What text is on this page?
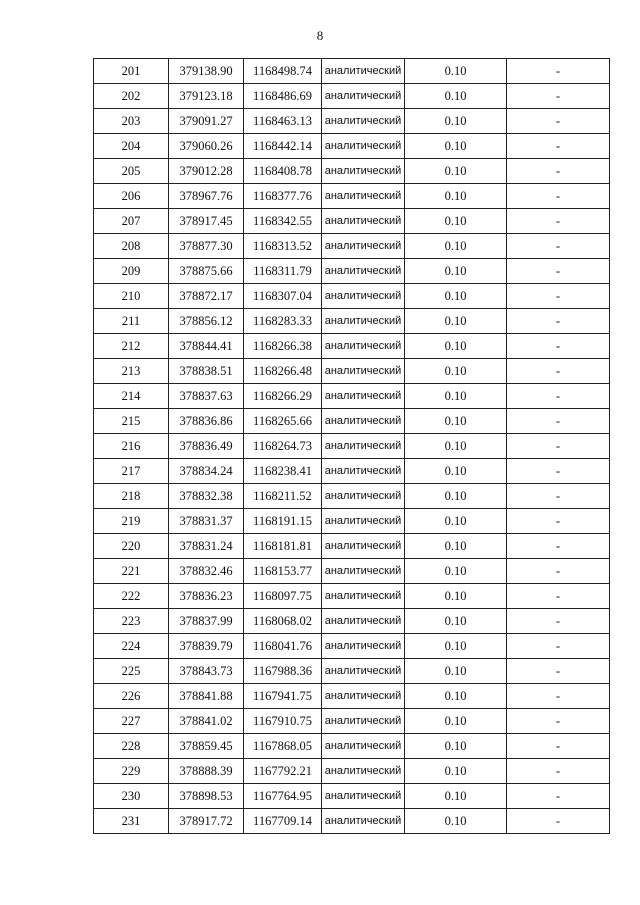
8
201	379138.90	1168498.74	аналитический	0.10	-
202	379123.18	1168486.69	аналитический	0.10	-
203	379091.27	1168463.13	аналитический	0.10	-
204	379060.26	1168442.14	аналитический	0.10	-
205	379012.28	1168408.78	аналитический	0.10	-
206	378967.76	1168377.76	аналитический	0.10	-
207	378917.45	1168342.55	аналитический	0.10	-
208	378877.30	1168313.52	аналитический	0.10	-
209	378875.66	1168311.79	аналитический	0.10	-
210	378872.17	1168307.04	аналитический	0.10	-
211	378856.12	1168283.33	аналитический	0.10	-
212	378844.41	1168266.38	аналитический	0.10	-
213	378838.51	1168266.48	аналитический	0.10	-
214	378837.63	1168266.29	аналитический	0.10	-
215	378836.86	1168265.66	аналитический	0.10	-
216	378836.49	1168264.73	аналитический	0.10	-
217	378834.24	1168238.41	аналитический	0.10	-
218	378832.38	1168211.52	аналитический	0.10	-
219	378831.37	1168191.15	аналитический	0.10	-
220	378831.24	1168181.81	аналитический	0.10	-
221	378832.46	1168153.77	аналитический	0.10	-
222	378836.23	1168097.75	аналитический	0.10	-
223	378837.99	1168068.02	аналитический	0.10	-
224	378839.79	1168041.76	аналитический	0.10	-
225	378843.73	1167988.36	аналитический	0.10	-
226	378841.88	1167941.75	аналитический	0.10	-
227	378841.02	1167910.75	аналитический	0.10	-
228	378859.45	1167868.05	аналитический	0.10	-
229	378888.39	1167792.21	аналитический	0.10	-
230	378898.53	1167764.95	аналитический	0.10	-
231	378917.72	1167709.14	аналитический	0.10	-
